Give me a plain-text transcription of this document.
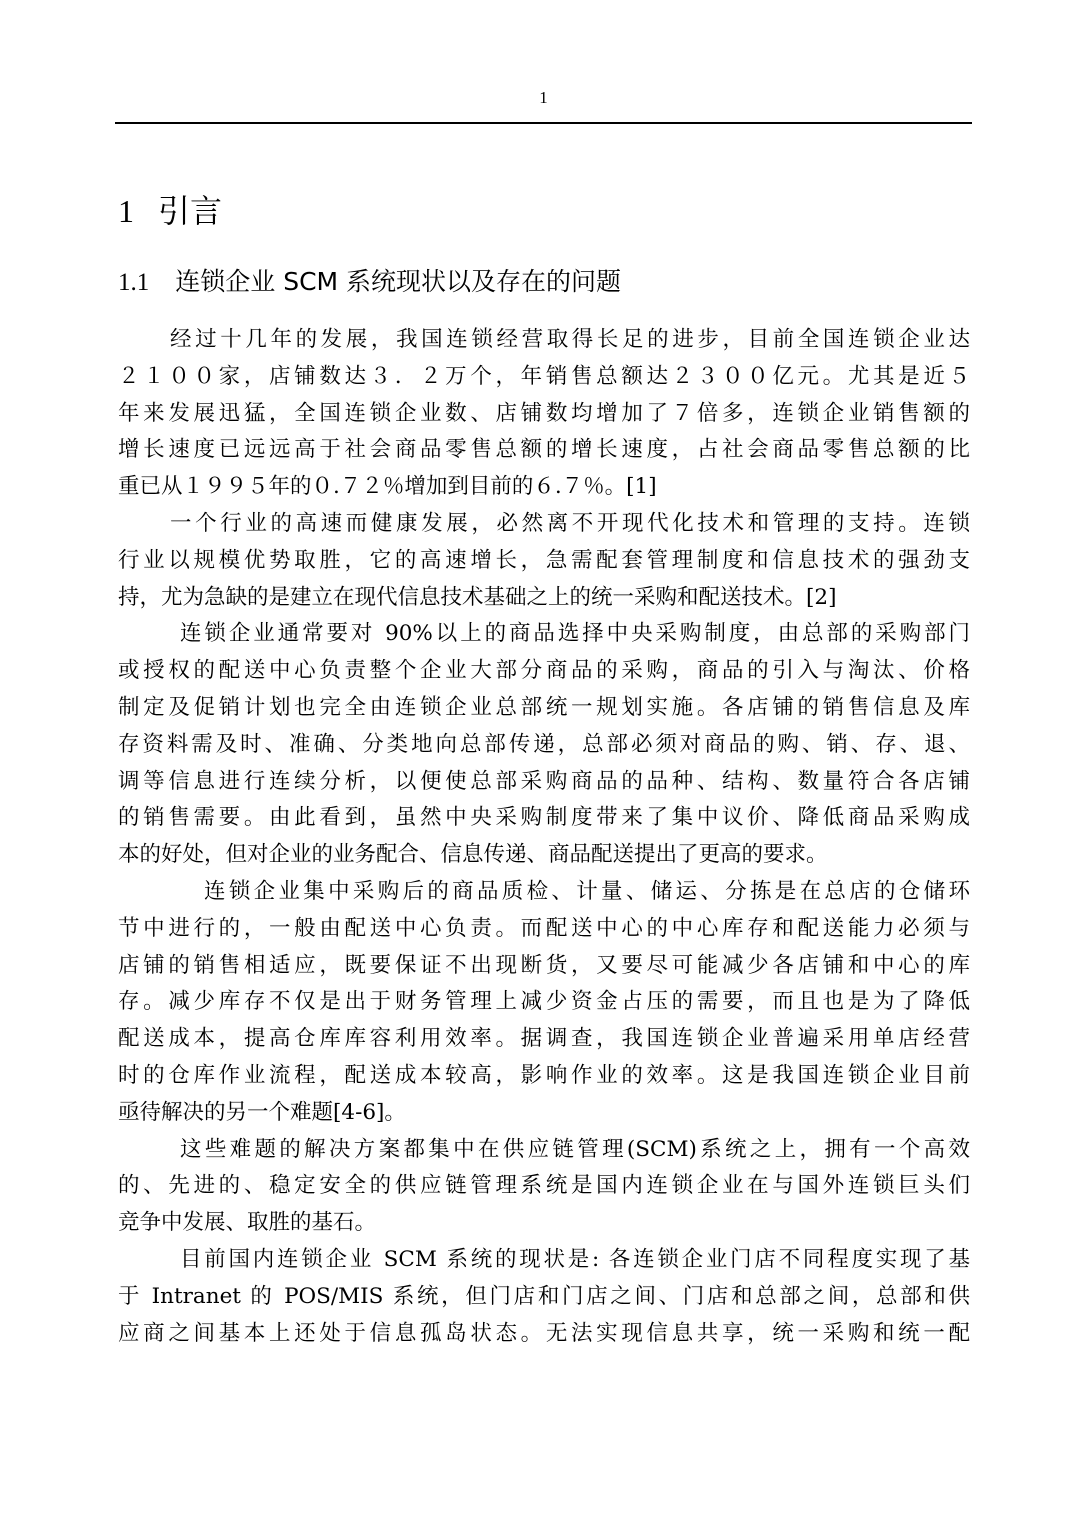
1
1 引言
1.1 连锁企业 SCM 系统现状以及存在的问题
经过十几年的发展，我国连锁经营取得长足的进步，目前全国连锁企业达
２１００家，店铺数达３．２万个，年销售总额达２３００亿元。尤其是近５
年来发展迅猛，全国连锁企业数、店铺数均增加了７倍多，连锁企业销售额的
增长速度已远远高于社会商品零售总额的增长速度，占社会商品零售总额的比
重已从１９９５年的０.７２％增加到目前的６.７％。[1]
一个行业的高速而健康发展，必然离不开现代化技术和管理的支持。连锁
行业以规模优势取胜，它的高速增长，急需配套管理制度和信息技术的强劲支
持，尤为急缺的是建立在现代信息技术基础之上的统一采购和配送技术。[2]
连锁企业通常要对 90%以上的商品选择中央采购制度，由总部的采购部门
或授权的配送中心负责整个企业大部分商品的采购，商品的引入与淘汰、价格
制定及促销计划也完全由连锁企业总部统一规划实施。各店铺的销售信息及库
存资料需及时、准确、分类地向总部传递，总部必须对商品的购、销、存、退、
调等信息进行连续分析，以便使总部采购商品的品种、结构、数量符合各店铺
的销售需要。由此看到，虽然中央采购制度带来了集中议价、降低商品采购成
本的好处，但对企业的业务配合、信息传递、商品配送提出了更高的要求。
连锁企业集中采购后的商品质检、计量、储运、分拣是在总店的仓储环
节中进行的，一般由配送中心负责。而配送中心的中心库存和配送能力必须与
店铺的销售相适应，既要保证不出现断货，又要尽可能减少各店铺和中心的库
存。减少库存不仅是出于财务管理上减少资金占压的需要，而且也是为了降低
配送成本，提高仓库库容利用效率。据调查，我国连锁企业普遍采用单店经营
时的仓库作业流程，配送成本较高，影响作业的效率。这是我国连锁企业目前
亟待解决的另一个难题[4-6]。
这些难题的解决方案都集中在供应链管理(SCM)系统之上，拥有一个高效
的、先进的、稳定安全的供应链管理系统是国内连锁企业在与国外连锁巨头们
竞争中发展、取胜的基石。
目前国内连锁企业 SCM 系统的现状是: 各连锁企业门店不同程度实现了基
于 Intranet 的 POS/MIS 系统，但门店和门店之间、门店和总部之间，总部和供
应商之间基本上还处于信息孤岛状态。无法实现信息共享，统一采购和统一配
